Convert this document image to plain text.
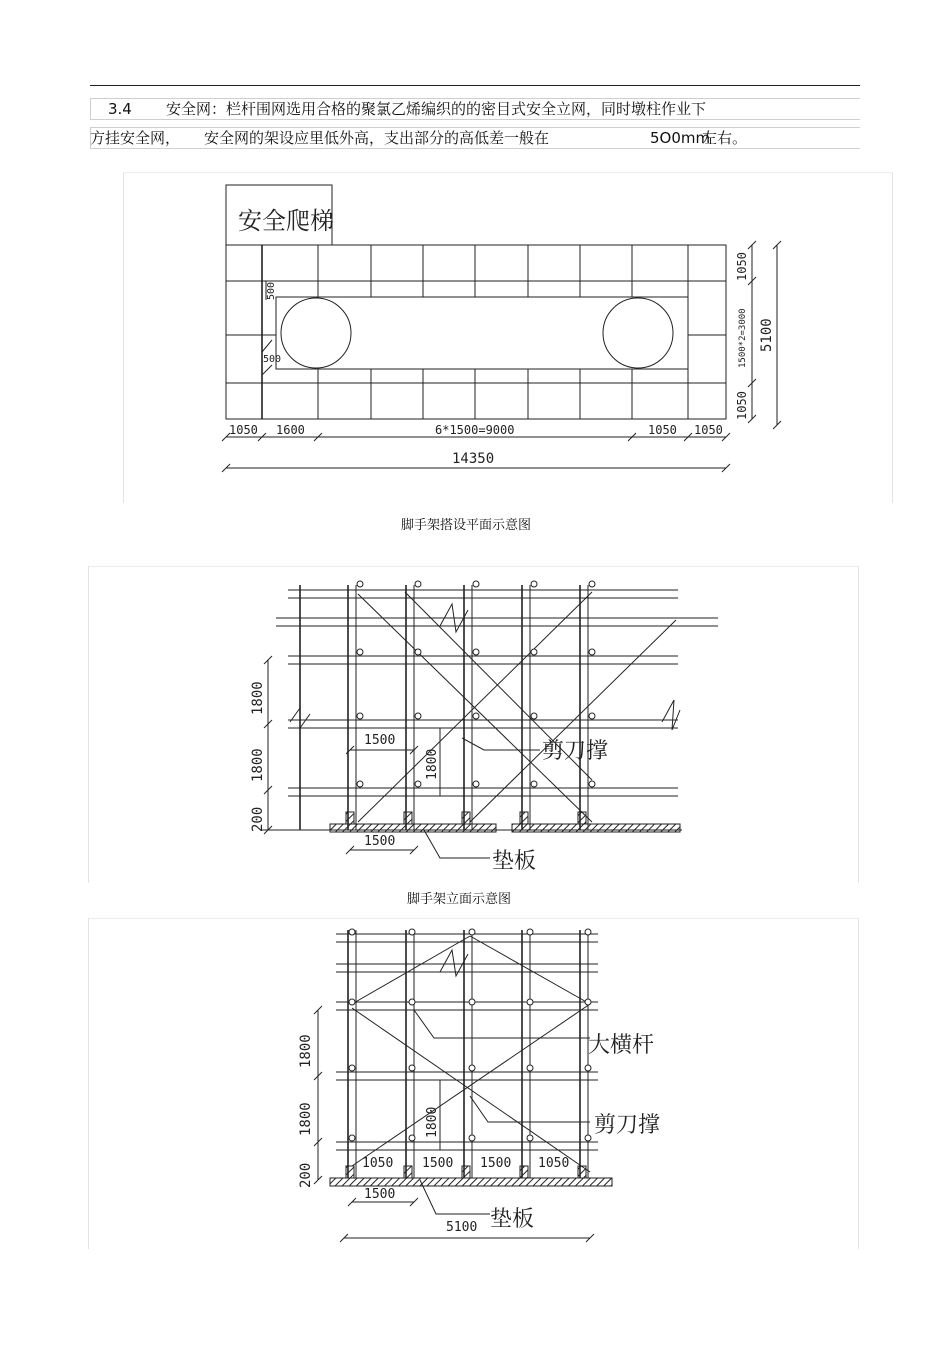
3.4 安全网：栏杆围网选用合格的聚氯乙烯编织的的密目式安全立网，同时墩柱作业下
方挂安全网， 安全网的架设应里低外高，支出部分的高低差一般在	5O0mm
左右。
脚手架搭设平面示意图
脚手架立面示意图
安全爬梯
1050 1600	6*1500=9000	1050 1050
14350
1050
1500*2=3000
1050
5100
500
500
1800
1800
200
1800
1500
1500
剪刀撑
垫板
1800
1800
200
1800
1050 1500 1500 1050
1500
5100
大横杆
剪刀撑
垫板
